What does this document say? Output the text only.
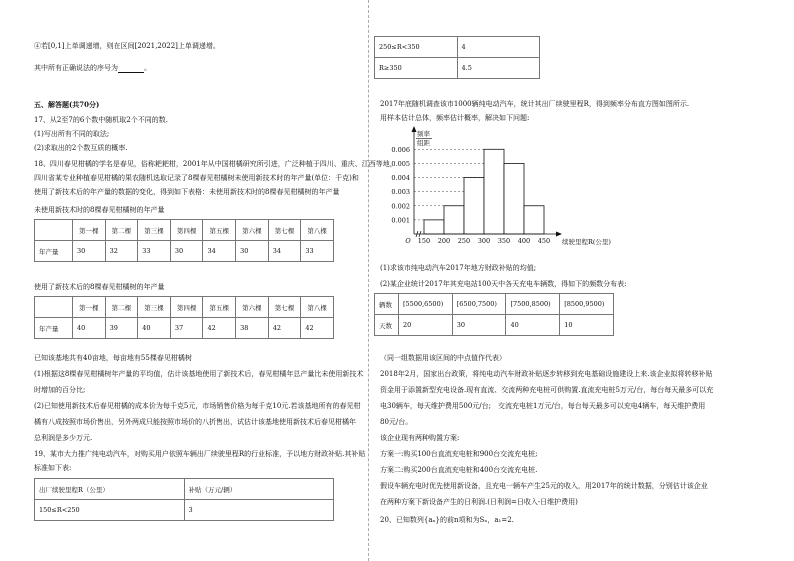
④若[0,1]上单调递增，则在区间[2021,2022]上单调递增。
其中所有正确说法的序号为	。
五、解答题(共70分)
17、从2至7的6个数中随机取2个不同的数.
(1)写出所有不同的取法;
(2)求取出的2个数互质的概率.
18、四川春见柑橘的学名是春见，俗称耙耙柑，2001年从中国柑橘研究所引进，广泛种植于四川、重庆、江西等地，
四川省某专业种植春见柑橘的果农随机选取记录了8棵春见柑橘树未使用新技术时的年产量(单位：千克)和
使用了新技术后的年产量的数据的变化，得到如下表格：未使用新技术时的8棵春见柑橘树的年产量
未使用新技术时的8棵春见柑橘树的年产量
	第一棵	第二棵	第三棵	第四棵	第五棵	第六棵	第七棵	第八棵
年产量	30	32	33	30	34	30	34	33
使用了新技术后的8棵春见柑橘树的年产量
	第一棵	第二棵	第三棵	第四棵	第五棵	第六棵	第七棵	第八棵
年产量	40	39	40	37	42	38	42	42
已知该基地共有40亩地，每亩地有55棵春见柑橘树
(1)根据这8棵春见柑橘树年产量的平均值，估计该基地使用了新技术后，春见柑橘年总产量比未使用新技术
时增加的百分比;
(2)已知使用新技术后春见柑橘的成本价为每千克5元，市场销售价格为每千克10元.若该基地所有的春见柑
橘有八成按照市场价售出，另外两成只能按照市场价的八折售出，试估计该基地使用新技术后春见柑橘年
总利润是多少万元.
19、某市大力推广纯电动汽车，对购买用户依照车辆出厂续驶里程R的行业标准，予以地方财政补贴.其补贴
标准如下表:
出厂续驶里程R（公里）	补贴（万元/辆）
150≤R<250	3
250≤R<350	4
R≥350	4.5
2017年底随机调查该市1000辆纯电动汽车，统计其出厂续驶里程R，得到频率分布直方图如图所示.
用样本估计总体，频率估计概率，解决如下问题:
0.001
0.002
0.003
0.004
0.005
0.006
150 200 250 300 350 400 450
O
频率
组距
续驶里程R(公里)
(1)求该市纯电动汽车2017年地方财政补贴的均值;
(2)某企业统计2017年其充电站100天中各天充电车辆数，得如下的频数分布表:
辆数	[5500,6500)	[6500,7500)	[7500,8500)	[8500,9500)
天数	20	30	40	10
（同一组数据用该区间的中点值作代表）
2018年2月，国家出台政策，将纯电动汽车财政补贴逐步转移到充电基础设施建设上来.该企业拟将转移补贴
资金用于添置新型充电设备.现有直流、交流两种充电桩可供购置.直流充电桩5万元/台，每台每天最多可以充
电30辆车，每天维护费用500元/台;　交流充电桩1万元/台，每台每天最多可以充电4辆车，每天维护费用
80元/台。
该企业现有两种购置方案:
方案一:购买100台直流充电桩和900台交流充电桩;
方案二:购买200台直流充电桩和400台交流充电桩.
假设车辆充电时优先使用新设备，且充电一辆车产生25元的收入，用2017年的统计数据，分别估计该企业
在两种方案下新设备产生的日利润.(日利润=日收入-日维护费用)
20、已知数列{aₙ}的前n项和为Sₙ，a₁=2.
